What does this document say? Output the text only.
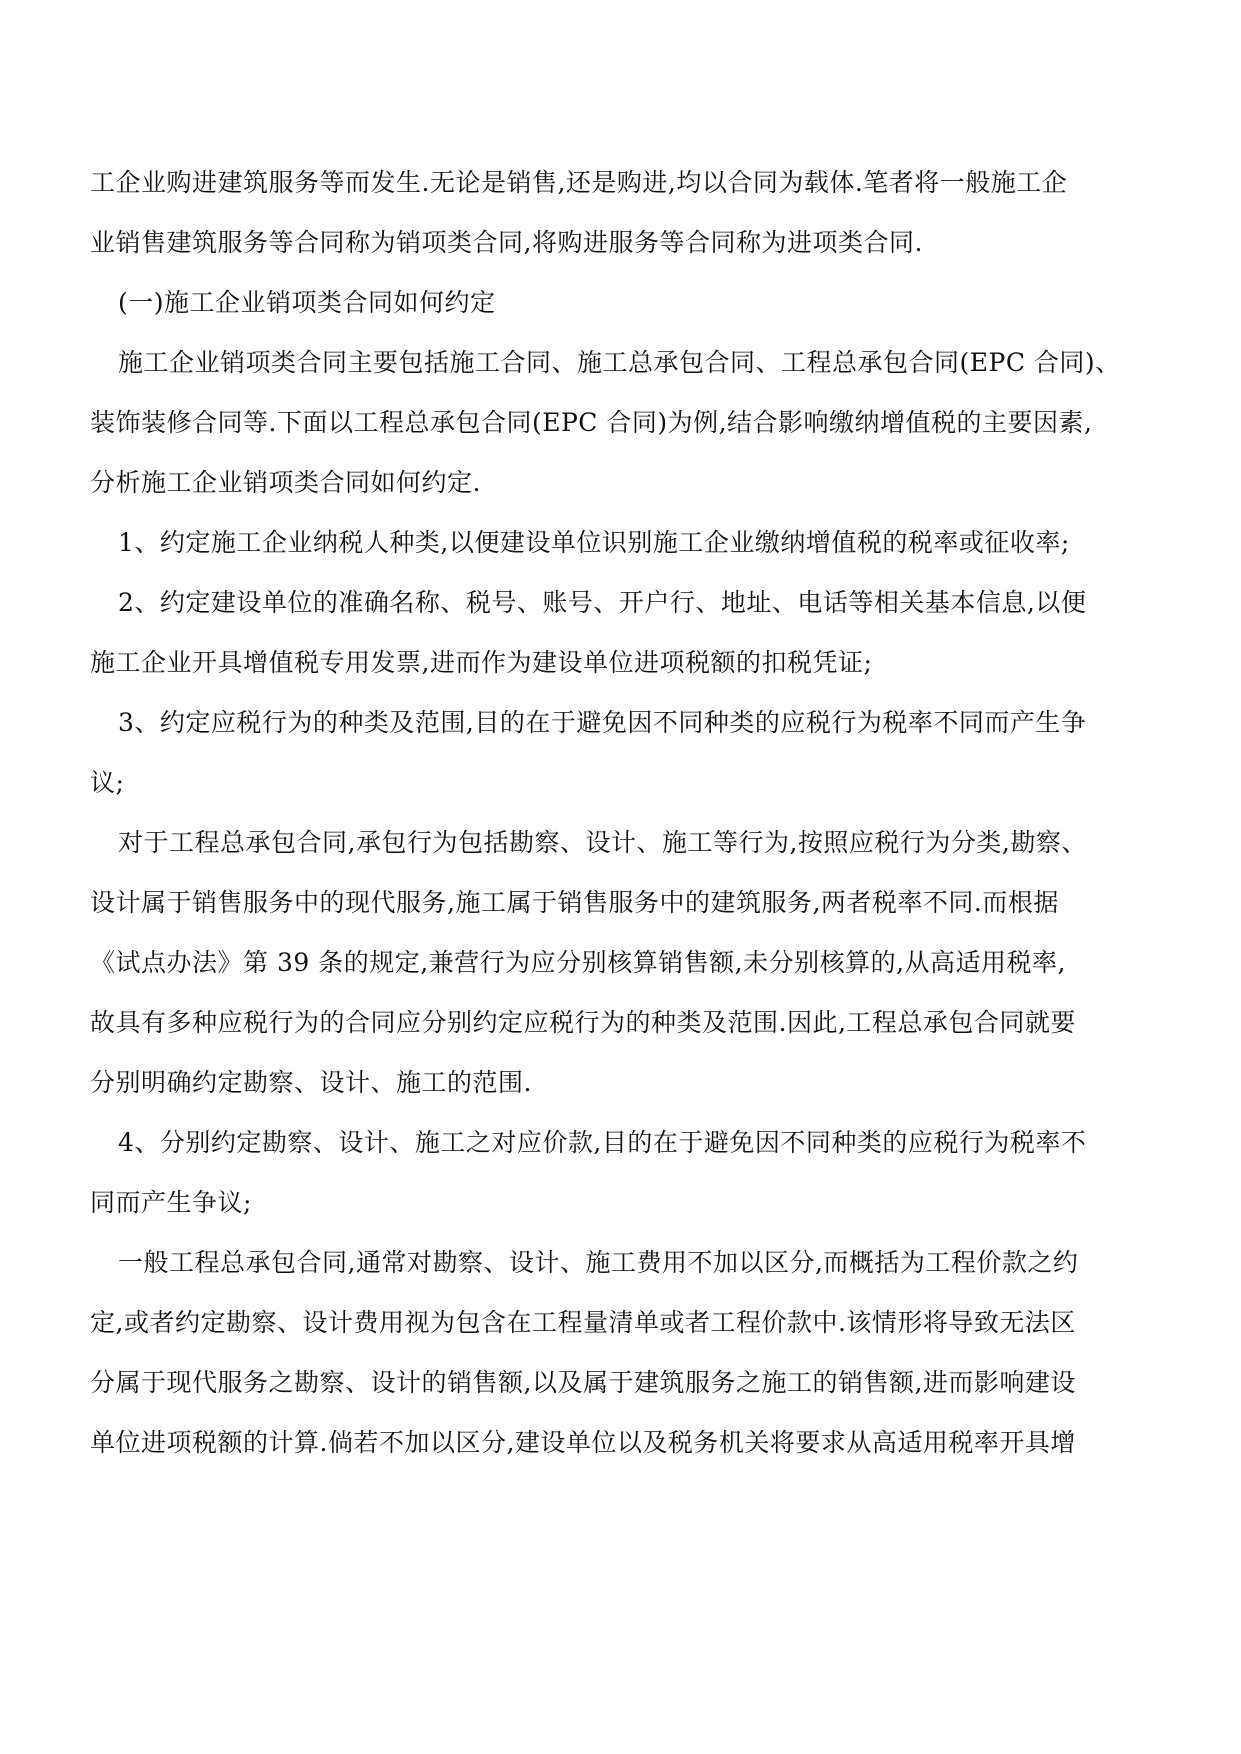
工企业购进建筑服务等而发生.无论是销售,还是购进,均以合同为载体.笔者将一般施工企

业销售建筑服务等合同称为销项类合同,将购进服务等合同称为进项类合同.

(一)施工企业销项类合同如何约定

施工企业销项类合同主要包括施工合同、施工总承包合同、工程总承包合同(EPC 合同)、

装饰装修合同等.下面以工程总承包合同(EPC 合同)为例,结合影响缴纳增值税的主要因素,

分析施工企业销项类合同如何约定.

1、约定施工企业纳税人种类,以便建设单位识别施工企业缴纳增值税的税率或征收率;

2、约定建设单位的准确名称、税号、账号、开户行、地址、电话等相关基本信息,以便

施工企业开具增值税专用发票,进而作为建设单位进项税额的扣税凭证;

3、约定应税行为的种类及范围,目的在于避免因不同种类的应税行为税率不同而产生争

议;

对于工程总承包合同,承包行为包括勘察、设计、施工等行为,按照应税行为分类,勘察、

设计属于销售服务中的现代服务,施工属于销售服务中的建筑服务,两者税率不同.而根据

《试点办法》第 39 条的规定,兼营行为应分别核算销售额,未分别核算的,从高适用税率,

故具有多种应税行为的合同应分别约定应税行为的种类及范围.因此,工程总承包合同就要

分别明确约定勘察、设计、施工的范围.

4、分别约定勘察、设计、施工之对应价款,目的在于避免因不同种类的应税行为税率不

同而产生争议;

一般工程总承包合同,通常对勘察、设计、施工费用不加以区分,而概括为工程价款之约

定,或者约定勘察、设计费用视为包含在工程量清单或者工程价款中.该情形将导致无法区

分属于现代服务之勘察、设计的销售额,以及属于建筑服务之施工的销售额,进而影响建设

单位进项税额的计算.倘若不加以区分,建设单位以及税务机关将要求从高适用税率开具增
